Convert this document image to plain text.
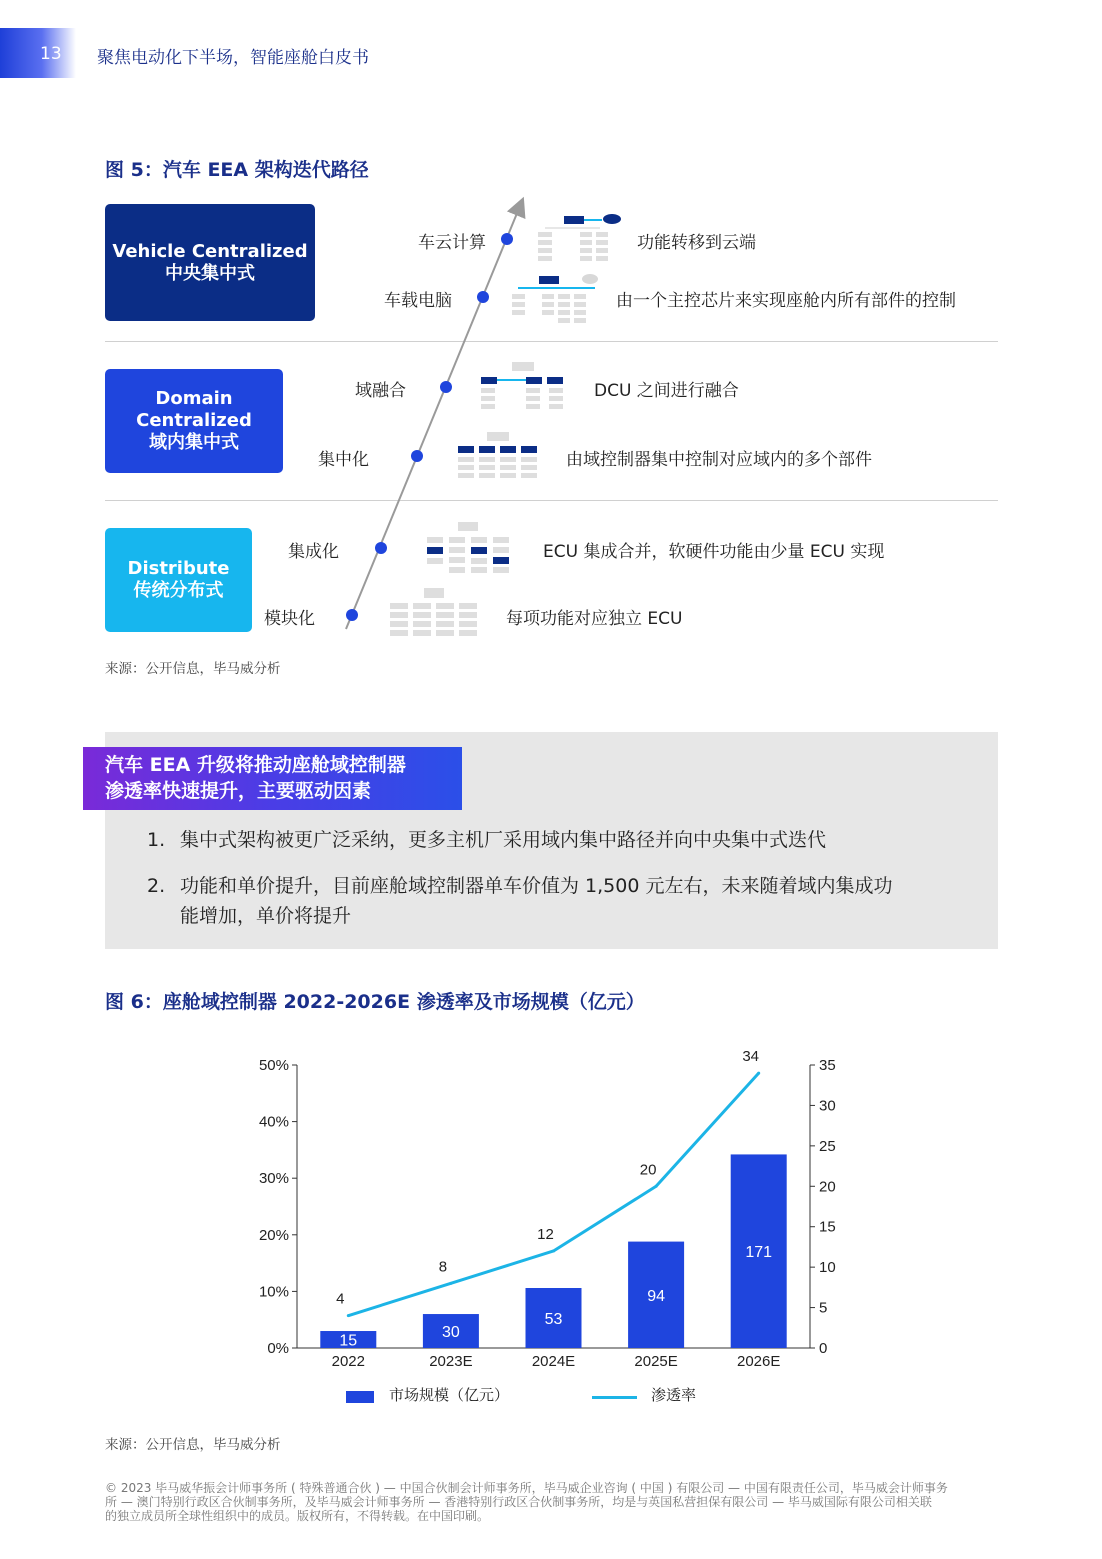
13 聚焦电动化下半场，智能座舱白皮书
图 5：汽车 EEA 架构迭代路径
Vehicle Centralized
中央集中式
Domain
Centralized
域内集中式
Distribute
传统分布式
车云计算
车载电脑
域融合
集中化
集成化
模块化
功能转移到云端
由一个主控芯片来实现座舱内所有部件的控制
DCU 之间进行融合
由域控制器集中控制对应域内的多个部件
ECU 集成合并，软硬件功能由少量 ECU 实现
每项功能对应独立 ECU
来源：公开信息，毕马威分析
汽车 EEA 升级将推动座舱域控制器
渗透率快速提升，主要驱动因素
1. 集中式架构被更广泛采纳，更多主机厂采用域内集中路径并向中央集中式迭代
2. 功能和单价提升，目前座舱域控制器单车价值为 1,500 元左右，未来随着域内集成功
能增加，单价将提升
图 6：座舱域控制器 2022-2026E 渗透率及市场规模（亿元）
0%
10%
20%
30%
40%
50%
0
5
10
15
20
25
30
35
15
2022
30
2023E
53
2024E
94
2025E
171
2026E
4
8
12
20
34
市场规模（亿元）	渗透率
来源：公开信息，毕马威分析
© 2023 毕马威华振会计师事务所 ( 特殊普通合伙 ) — 中国合伙制会计师事务所，毕马威企业咨询 ( 中国 ) 有限公司 — 中国有限责任公司，毕马威会计师事务
所 — 澳门特别行政区合伙制事务所，及毕马威会计师事务所 — 香港特别行政区合伙制事务所，均是与英国私营担保有限公司 — 毕马威国际有限公司相关联
的独立成员所全球性组织中的成员。版权所有，不得转载。在中国印刷。
